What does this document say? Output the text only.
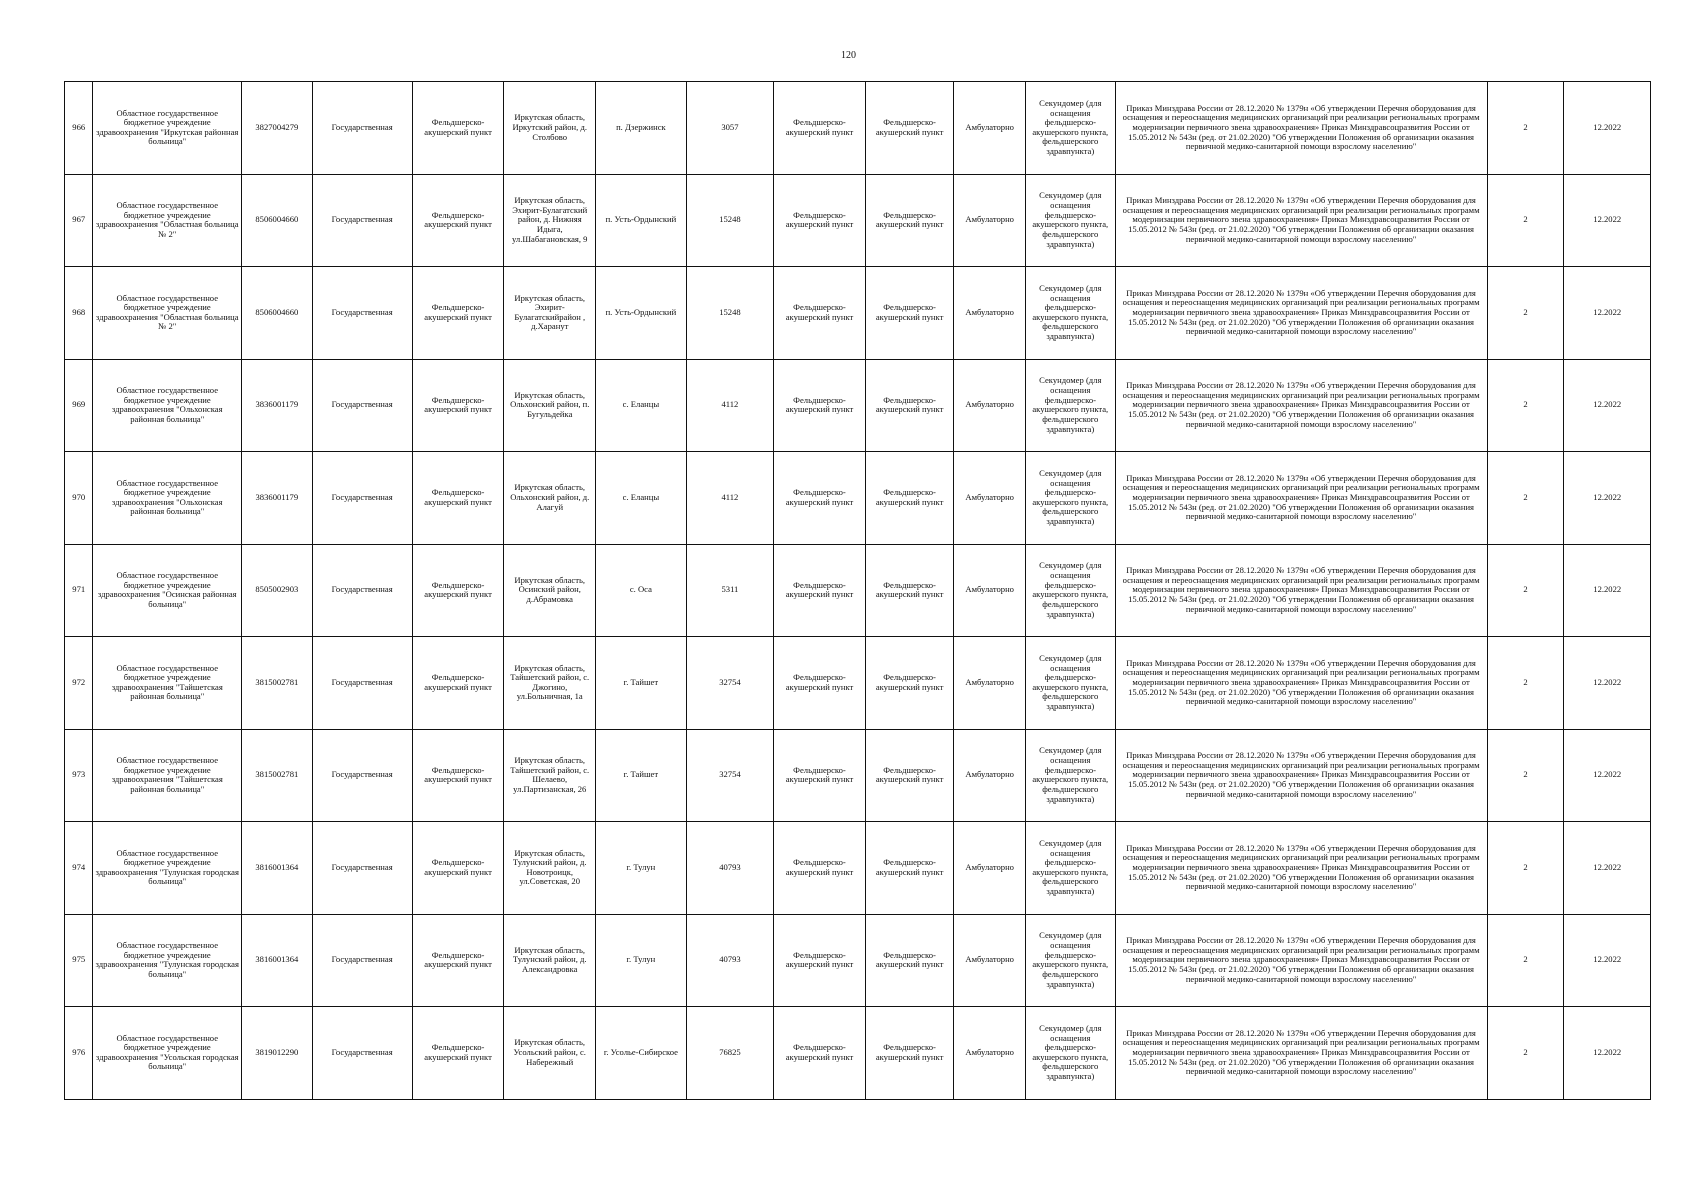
120
966	Областное государственное бюджетное учреждение здравоохранения "Иркутская районная больница"	3827004279	Государственная	Фельдшерско-акушерский пункт	Иркутская область, Иркутский район, д. Столбово	п. Дзержинск	3057	Фельдшерско-акушерский пункт	Фельдшерско-акушерский пункт	Амбулаторно	Секундомер (для оснащения фельдшерско-акушерского пункта, фельдшерского здравпункта)	Приказ Минздрава России от 28.12.2020 № 1379н «Об утверждении Перечня оборудования для оснащения и переоснащения медицинских организаций при реализации региональных программ модернизации первичного звена здравоохранения» Приказ Минздравсоцразвития России от 15.05.2012 № 543н (ред. от 21.02.2020) "Об утверждении Положения об организации оказания первичной медико-санитарной помощи взрослому населению"	2	12.2022
967	Областное государственное бюджетное учреждение здравоохранения "Областная больница № 2"	8506004660	Государственная	Фельдшерско-акушерский пункт	Иркутская область, Эхирит-Булагатский район, д. Нижняя Идыга, ул.Шабагановская, 9	п. Усть-Ордынский	15248	Фельдшерско-акушерский пункт	Фельдшерско-акушерский пункт	Амбулаторно	Секундомер (для оснащения фельдшерско-акушерского пункта, фельдшерского здравпункта)	Приказ Минздрава России от 28.12.2020 № 1379н «Об утверждении Перечня оборудования для оснащения и переоснащения медицинских организаций при реализации региональных программ модернизации первичного звена здравоохранения» Приказ Минздравсоцразвития России от 15.05.2012 № 543н (ред. от 21.02.2020) "Об утверждении Положения об организации оказания первичной медико-санитарной помощи взрослому населению"	2	12.2022
968	Областное государственное бюджетное учреждение здравоохранения "Областная больница № 2"	8506004660	Государственная	Фельдшерско-акушерский пункт	Иркутская область, Эхирит-Булагатскийрайон , д.Харанут	п. Усть-Ордынский	15248	Фельдшерско-акушерский пункт	Фельдшерско-акушерский пункт	Амбулаторно	Секундомер (для оснащения фельдшерско-акушерского пункта, фельдшерского здравпункта)	Приказ Минздрава России от 28.12.2020 № 1379н «Об утверждении Перечня оборудования для оснащения и переоснащения медицинских организаций при реализации региональных программ модернизации первичного звена здравоохранения» Приказ Минздравсоцразвития России от 15.05.2012 № 543н (ред. от 21.02.2020) "Об утверждении Положения об организации оказания первичной медико-санитарной помощи взрослому населению"	2	12.2022
969	Областное государственное бюджетное учреждение здравоохранения "Ольхонская районная больница"	3836001179	Государственная	Фельдшерско-акушерский пункт	Иркутская область, Ольхонский район, п. Бугульдейка	с. Еланцы	4112	Фельдшерско-акушерский пункт	Фельдшерско-акушерский пункт	Амбулаторно	Секундомер (для оснащения фельдшерско-акушерского пункта, фельдшерского здравпункта)	Приказ Минздрава России от 28.12.2020 № 1379н «Об утверждении Перечня оборудования для оснащения и переоснащения медицинских организаций при реализации региональных программ модернизации первичного звена здравоохранения» Приказ Минздравсоцразвития России от 15.05.2012 № 543н (ред. от 21.02.2020) "Об утверждении Положения об организации оказания первичной медико-санитарной помощи взрослому населению"	2	12.2022
970	Областное государственное бюджетное учреждение здравоохранения "Ольхонская районная больница"	3836001179	Государственная	Фельдшерско-акушерский пункт	Иркутская область, Ольхонский район, д. Алагуй	с. Еланцы	4112	Фельдшерско-акушерский пункт	Фельдшерско-акушерский пункт	Амбулаторно	Секундомер (для оснащения фельдшерско-акушерского пункта, фельдшерского здравпункта)	Приказ Минздрава России от 28.12.2020 № 1379н «Об утверждении Перечня оборудования для оснащения и переоснащения медицинских организаций при реализации региональных программ модернизации первичного звена здравоохранения» Приказ Минздравсоцразвития России от 15.05.2012 № 543н (ред. от 21.02.2020) "Об утверждении Положения об организации оказания первичной медико-санитарной помощи взрослому населению"	2	12.2022
971	Областное государственное бюджетное учреждение здравоохранения "Осинская районная больница"	8505002903	Государственная	Фельдшерско-акушерский пункт	Иркутская область, Осинский район, д.Абрамовка	с. Оса	5311	Фельдшерско-акушерский пункт	Фельдшерско-акушерский пункт	Амбулаторно	Секундомер (для оснащения фельдшерско-акушерского пункта, фельдшерского здравпункта)	Приказ Минздрава России от 28.12.2020 № 1379н «Об утверждении Перечня оборудования для оснащения и переоснащения медицинских организаций при реализации региональных программ модернизации первичного звена здравоохранения» Приказ Минздравсоцразвития России от 15.05.2012 № 543н (ред. от 21.02.2020) "Об утверждении Положения об организации оказания первичной медико-санитарной помощи взрослому населению"	2	12.2022
972	Областное государственное бюджетное учреждение здравоохранения "Тайшетская районная больница"	3815002781	Государственная	Фельдшерско-акушерский пункт	Иркутская область, Тайшетский район, с. Джогино, ул.Больничная, 1а	г. Тайшет	32754	Фельдшерско-акушерский пункт	Фельдшерско-акушерский пункт	Амбулаторно	Секундомер (для оснащения фельдшерско-акушерского пункта, фельдшерского здравпункта)	Приказ Минздрава России от 28.12.2020 № 1379н «Об утверждении Перечня оборудования для оснащения и переоснащения медицинских организаций при реализации региональных программ модернизации первичного звена здравоохранения» Приказ Минздравсоцразвития России от 15.05.2012 № 543н (ред. от 21.02.2020) "Об утверждении Положения об организации оказания первичной медико-санитарной помощи взрослому населению"	2	12.2022
973	Областное государственное бюджетное учреждение здравоохранения "Тайшетская районная больница"	3815002781	Государственная	Фельдшерско-акушерский пункт	Иркутская область, Тайшетский район, с. Шелаево, ул.Партизанская, 26	г. Тайшет	32754	Фельдшерско-акушерский пункт	Фельдшерско-акушерский пункт	Амбулаторно	Секундомер (для оснащения фельдшерско-акушерского пункта, фельдшерского здравпункта)	Приказ Минздрава России от 28.12.2020 № 1379н «Об утверждении Перечня оборудования для оснащения и переоснащения медицинских организаций при реализации региональных программ модернизации первичного звена здравоохранения» Приказ Минздравсоцразвития России от 15.05.2012 № 543н (ред. от 21.02.2020) "Об утверждении Положения об организации оказания первичной медико-санитарной помощи взрослому населению"	2	12.2022
974	Областное государственное бюджетное учреждение здравоохранения "Тулунская городская больница"	3816001364	Государственная	Фельдшерско-акушерский пункт	Иркутская область, Тулунский район, д. Новотроицк, ул.Советская, 20	г. Тулун	40793	Фельдшерско-акушерский пункт	Фельдшерско-акушерский пункт	Амбулаторно	Секундомер (для оснащения фельдшерско-акушерского пункта, фельдшерского здравпункта)	Приказ Минздрава России от 28.12.2020 № 1379н «Об утверждении Перечня оборудования для оснащения и переоснащения медицинских организаций при реализации региональных программ модернизации первичного звена здравоохранения» Приказ Минздравсоцразвития России от 15.05.2012 № 543н (ред. от 21.02.2020) "Об утверждении Положения об организации оказания первичной медико-санитарной помощи взрослому населению"	2	12.2022
975	Областное государственное бюджетное учреждение здравоохранения "Тулунская городская больница"	3816001364	Государственная	Фельдшерско-акушерский пункт	Иркутская область, Тулунский район, д. Александровка	г. Тулун	40793	Фельдшерско-акушерский пункт	Фельдшерско-акушерский пункт	Амбулаторно	Секундомер (для оснащения фельдшерско-акушерского пункта, фельдшерского здравпункта)	Приказ Минздрава России от 28.12.2020 № 1379н «Об утверждении Перечня оборудования для оснащения и переоснащения медицинских организаций при реализации региональных программ модернизации первичного звена здравоохранения» Приказ Минздравсоцразвития России от 15.05.2012 № 543н (ред. от 21.02.2020) "Об утверждении Положения об организации оказания первичной медико-санитарной помощи взрослому населению"	2	12.2022
976	Областное государственное бюджетное учреждение здравоохранения "Усольская городская больница"	3819012290	Государственная	Фельдшерско-акушерский пункт	Иркутская область, Усольский район, с. Набережный	г. Усолье-Сибирское	76825	Фельдшерско-акушерский пункт	Фельдшерско-акушерский пункт	Амбулаторно	Секундомер (для оснащения фельдшерско-акушерского пункта, фельдшерского здравпункта)	Приказ Минздрава России от 28.12.2020 № 1379н «Об утверждении Перечня оборудования для оснащения и переоснащения медицинских организаций при реализации региональных программ модернизации первичного звена здравоохранения» Приказ Минздравсоцразвития России от 15.05.2012 № 543н (ред. от 21.02.2020) "Об утверждении Положения об организации оказания первичной медико-санитарной помощи взрослому населению"	2	12.2022
